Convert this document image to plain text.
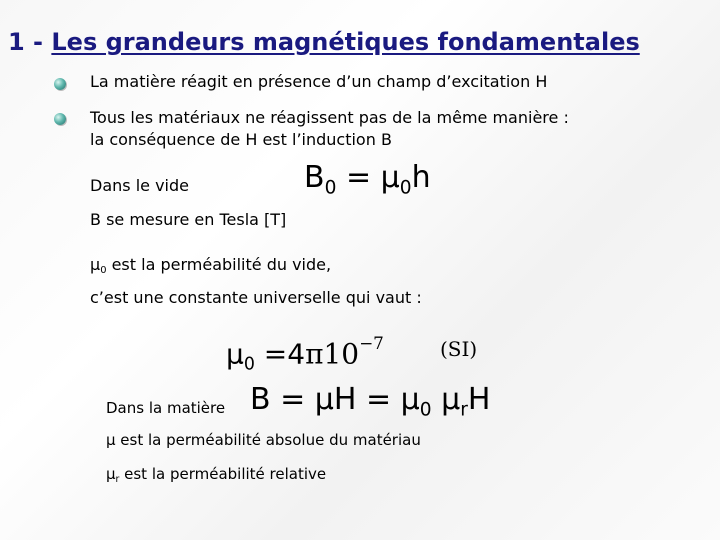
1 - Les grandeurs magnétiques fondamentales
La matière réagit en présence d’un champ d’excitation H
Tous les matériaux ne réagissent pas de la même manière :
la conséquence de H est l’induction B
Dans le vide	$B_0 = \mu_0h$
B se mesure en Tesla [T]
μ0 est la perméabilité du vide,
c’est une constante universelle qui vaut :
$\mu_0 =4\pi 10^{-7}$	(SI)
Dans la matière $B = \mu H = \mu_0$ $\mu_rH$
μ est la perméabilité absolue du matériau
μr est la perméabilité relative
